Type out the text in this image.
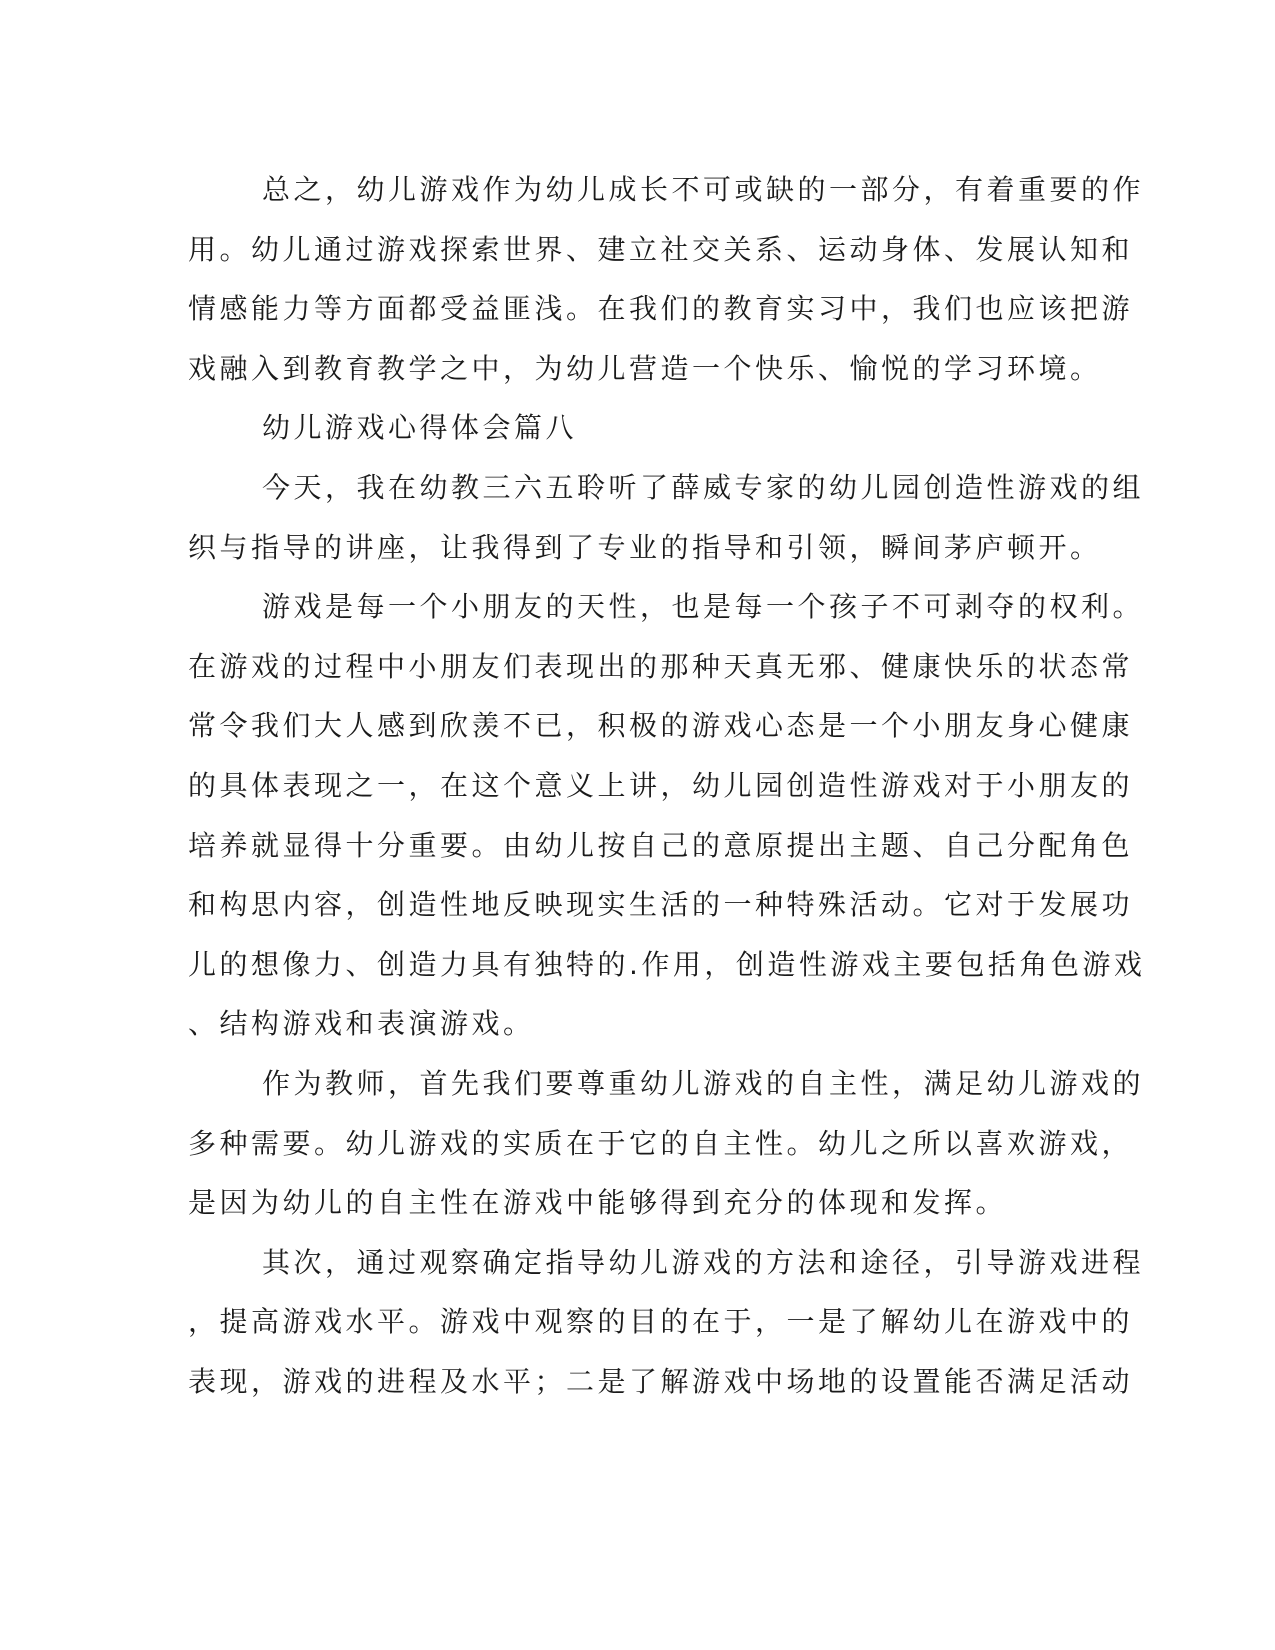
总之，幼儿游戏作为幼儿成长不可或缺的一部分，有着重要的作
用。幼儿通过游戏探索世界、建立社交关系、运动身体、发展认知和
情感能力等方面都受益匪浅。在我们的教育实习中，我们也应该把游
戏融入到教育教学之中，为幼儿营造一个快乐、愉悦的学习环境。
幼儿游戏心得体会篇八
今天，我在幼教三六五聆听了薛威专家的幼儿园创造性游戏的组
织与指导的讲座，让我得到了专业的指导和引领，瞬间茅庐顿开。
游戏是每一个小朋友的天性，也是每一个孩子不可剥夺的权利。
在游戏的过程中小朋友们表现出的那种天真无邪、健康快乐的状态常
常令我们大人感到欣羡不已，积极的游戏心态是一个小朋友身心健康
的具体表现之一，在这个意义上讲，幼儿园创造性游戏对于小朋友的
培养就显得十分重要。由幼儿按自己的意原提出主题、自己分配角色
和构思内容，创造性地反映现实生活的一种特殊活动。它对于发展功
儿的想像力、创造力具有独特的.作用，创造性游戏主要包括角色游戏
、结构游戏和表演游戏。
作为教师，首先我们要尊重幼儿游戏的自主性，满足幼儿游戏的
多种需要。幼儿游戏的实质在于它的自主性。幼儿之所以喜欢游戏，
是因为幼儿的自主性在游戏中能够得到充分的体现和发挥。
其次，通过观察确定指导幼儿游戏的方法和途径，引导游戏进程
，提高游戏水平。游戏中观察的目的在于，一是了解幼儿在游戏中的
表现，游戏的进程及水平；二是了解游戏中场地的设置能否满足活动
